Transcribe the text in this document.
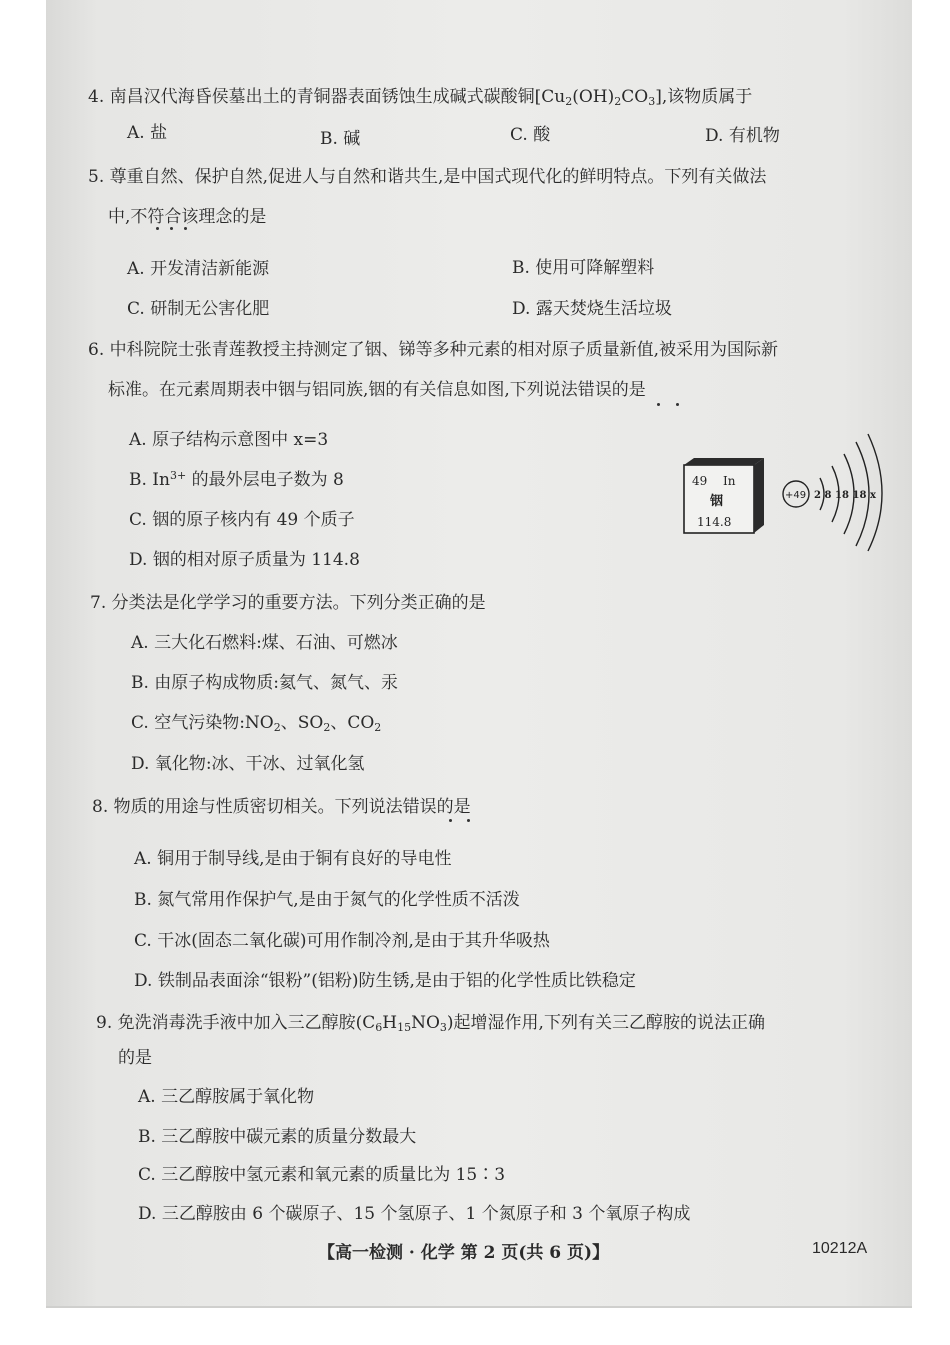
4. 南昌汉代海昏侯墓出土的青铜器表面锈蚀生成碱式碳酸铜$[Cu_2(OH)_2CO_3]$,该物质属于
A. 盐	B. 碱	C. 酸	D. 有机物
5. 尊重自然、保护自然,促进人与自然和谐共生,是中国式现代化的鲜明特点。下列有关做法
中,不符合该理念的是
A. 开发清洁新能源	B. 使用可降解塑料
C. 研制无公害化肥	D. 露天焚烧生活垃圾
6. 中科院院士张青莲教授主持测定了铟、锑等多种元素的相对原子质量新值,被采用为国际新
标准。在元素周期表中铟与铝同族,铟的有关信息如图,下列说法错误的是
A. 原子结构示意图中 x=3
B. $In^{3+}$ 的最外层电子数为 8
C. 铟的原子核内有 49 个质子
D. 铟的相对原子质量为 114.8
49 In
铟
114.8
+49 2 8 18 18 x
7. 分类法是化学学习的重要方法。下列分类正确的是
A. 三大化石燃料:煤、石油、可燃冰
B. 由原子构成物质:氦气、氮气、汞
C. 空气污染物$:NO_2$、$SO_2$、$CO_2$
D. 氧化物:冰、干冰、过氧化氢
8. 物质的用途与性质密切相关。下列说法错误的是
A. 铜用于制导线,是由于铜有良好的导电性
B. 氮气常用作保护气,是由于氮气的化学性质不活泼
C. 干冰(固态二氧化碳)可用作制冷剂,是由于其升华吸热
D. 铁制品表面涂“银粉”(铝粉)防生锈,是由于铝的化学性质比铁稳定
9. 免洗消毒洗手液中加入三乙醇胺$(C_6H_{15}NO_3)$起增湿作用,下列有关三乙醇胺的说法正确
的是
A. 三乙醇胺属于氧化物
B. 三乙醇胺中碳元素的质量分数最大
C. 三乙醇胺中氢元素和氧元素的质量比为 15∶3
D. 三乙醇胺由 6 个碳原子、15 个氢原子、1 个氮原子和 3 个氧原子构成
【高一检测 · 化学 第 2 页(共 6 页)】	10212A
